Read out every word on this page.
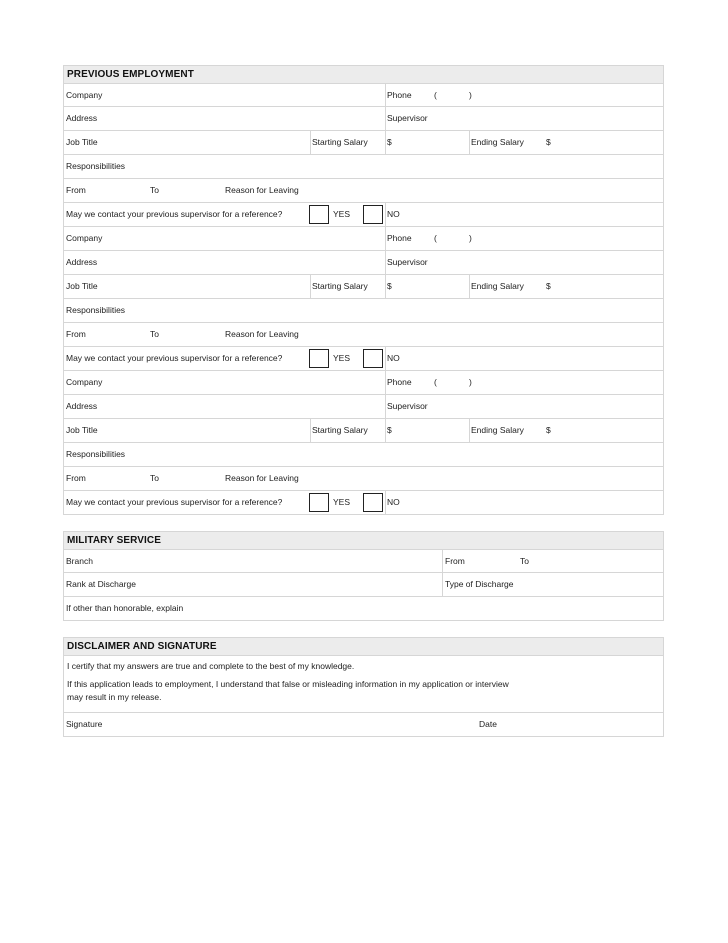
PREVIOUS EMPLOYMENT
Company	Phone	(	)
Address	Supervisor
Job Title	Starting Salary $	Ending Salary	$
Responsibilities
From	To	Reason for Leaving
May we contact your previous supervisor for a reference?	YES	NO
Company	Phone	(	)
Address	Supervisor
Job Title	Starting Salary $	Ending Salary	$
Responsibilities
From	To	Reason for Leaving
May we contact your previous supervisor for a reference?	YES	NO
Company	Phone	(	)
Address	Supervisor
Job Title	Starting Salary $	Ending Salary	$
Responsibilities
From	To	Reason for Leaving
May we contact your previous supervisor for a reference?	YES	NO
MILITARY SERVICE
Branch	From	To
Rank at Discharge	Type of Discharge
If other than honorable, explain
DISCLAIMER AND SIGNATURE
I certify that my answers are true and complete to the best of my knowledge.
If this application leads to employment, I understand that false or misleading information in my application or interview
may result in my release.
Signature	Date
